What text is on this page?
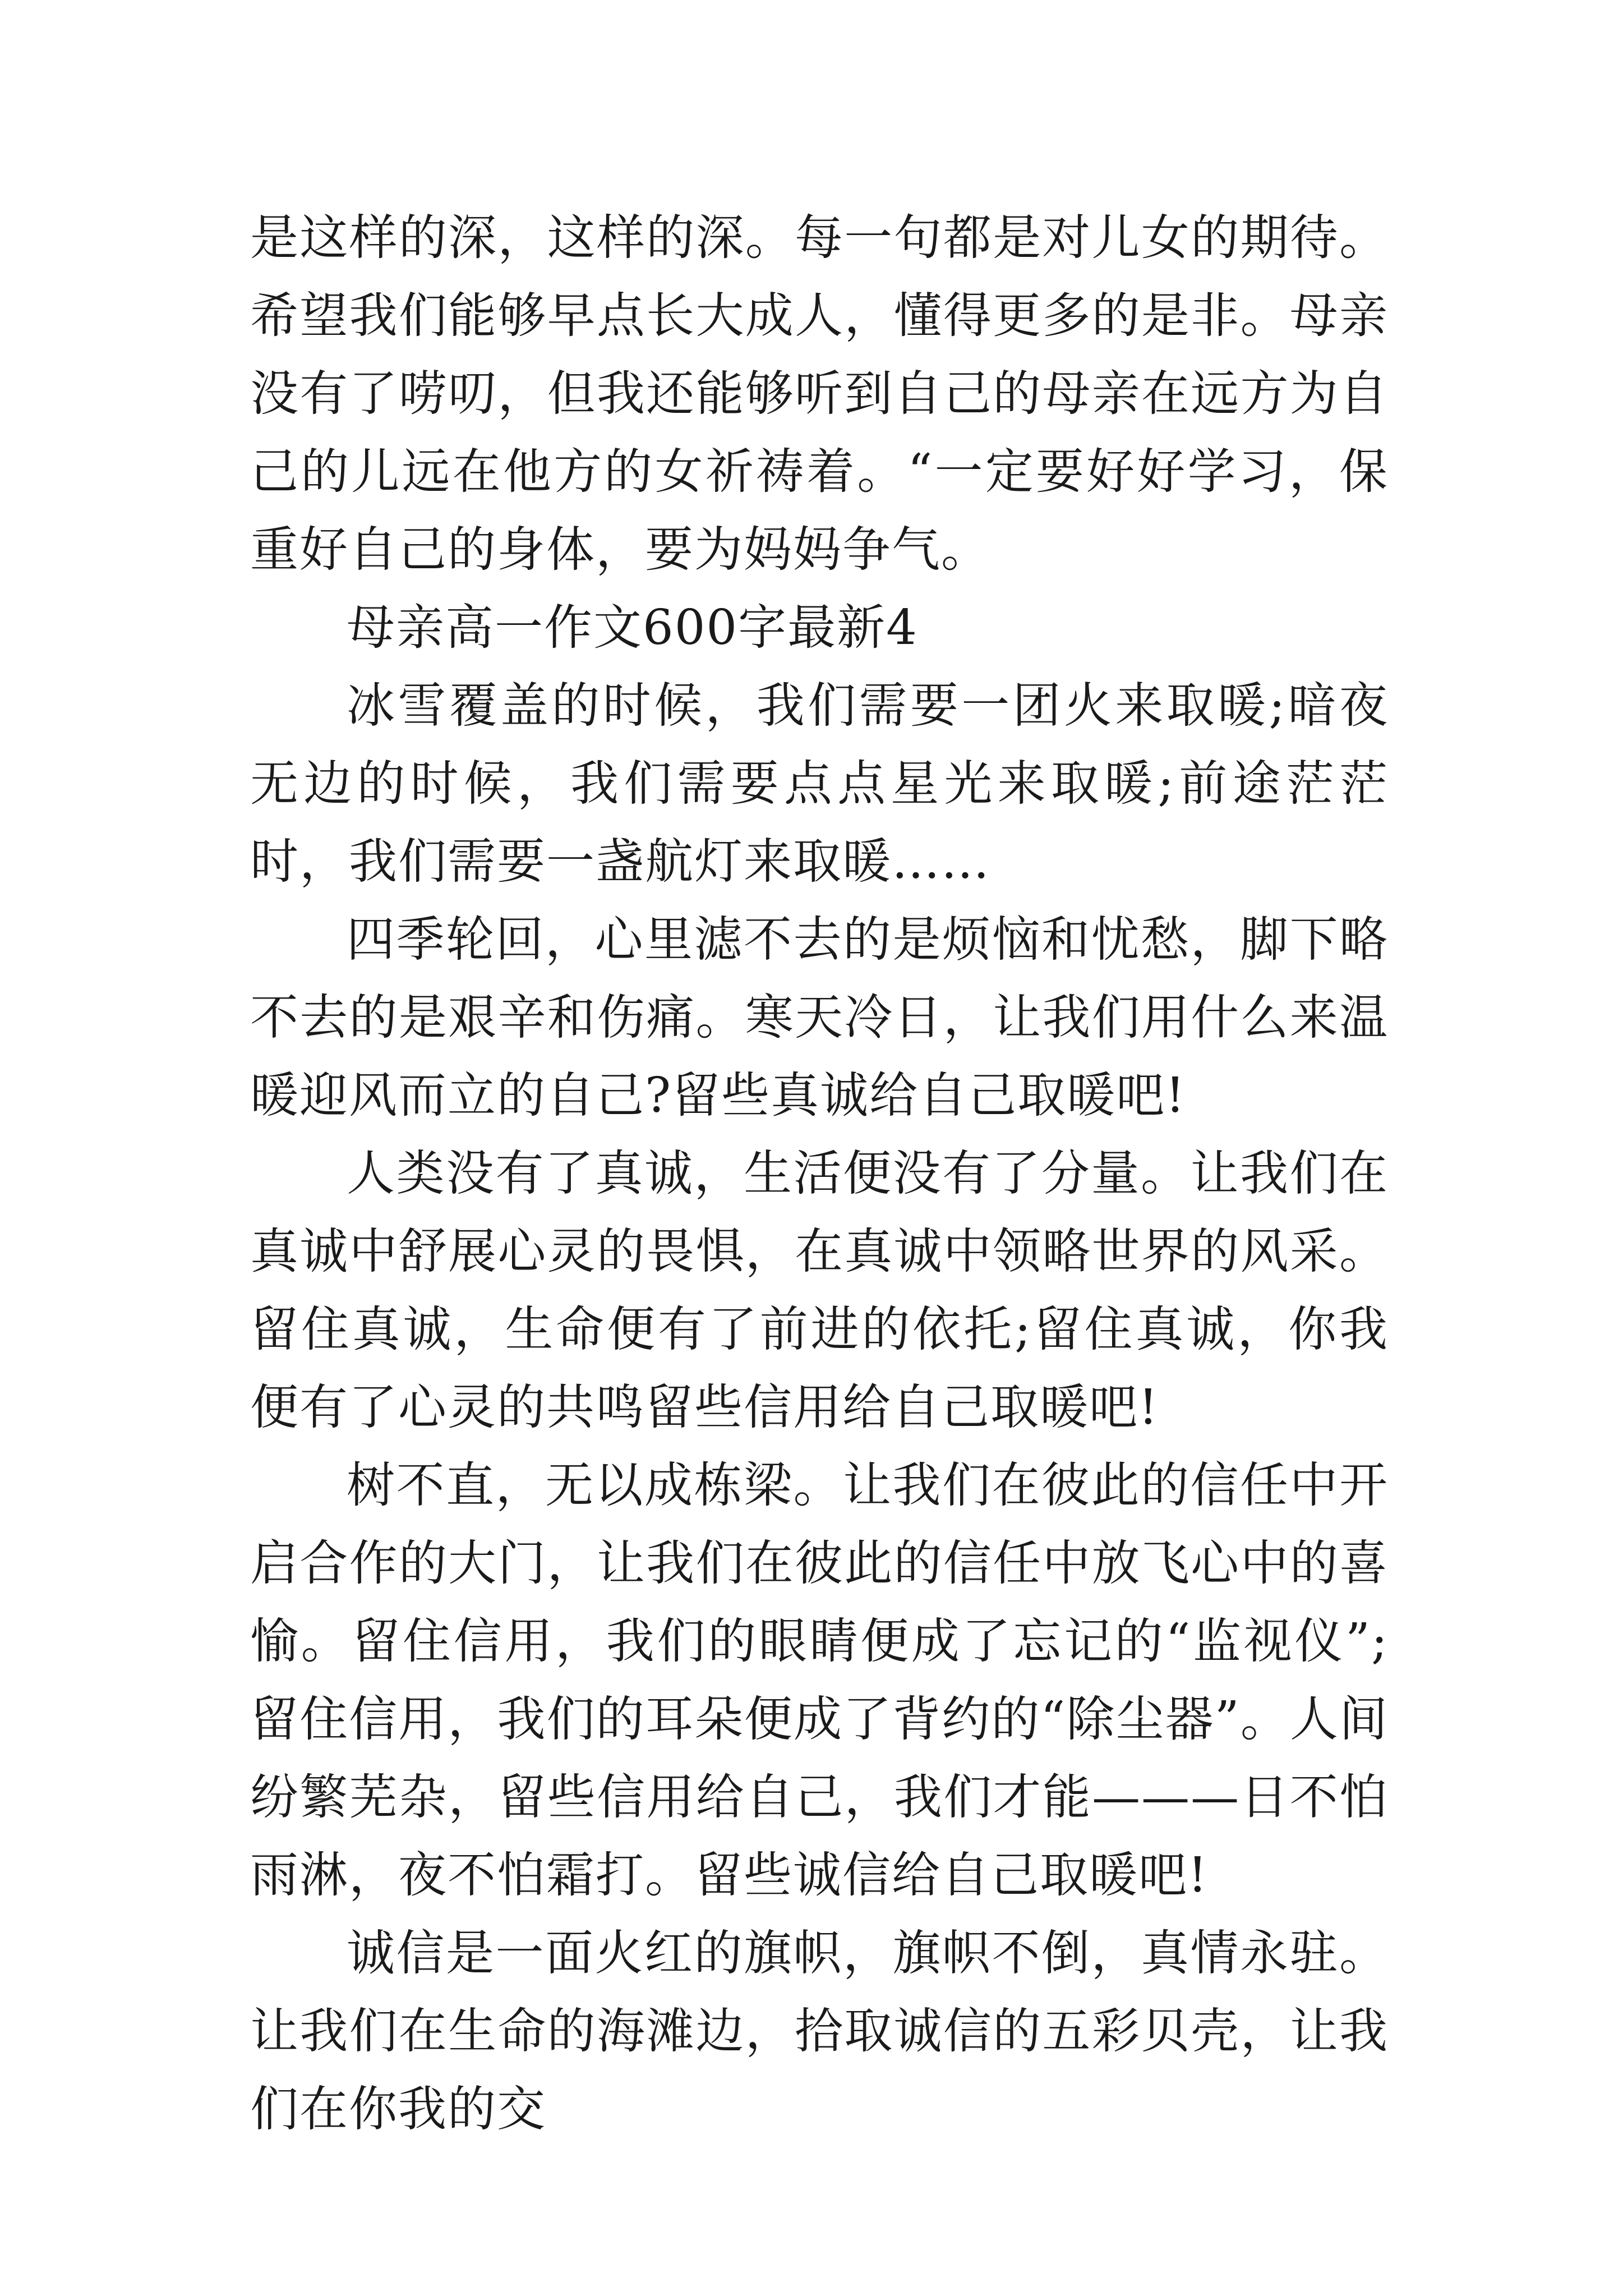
是这样的深，这样的深。每一句都是对儿女的期待。希望我们能够早点长大成人，懂得更多的是非。母亲没有了唠叨，但我还能够听到自己的母亲在远方为自己的儿远在他方的女祈祷着。“一定要好好学习，保重好自己的身体，要为妈妈争气。

母亲高一作文600字最新4

冰雪覆盖的时候，我们需要一团火来取暖;暗夜无边的时候，我们需要点点星光来取暖;前途茫茫时，我们需要一盏航灯来取暖……

四季轮回，心里滤不去的是烦恼和忧愁，脚下略不去的是艰辛和伤痛。寒天冷日，让我们用什么来温暖迎风而立的自己?留些真诚给自己取暖吧!

人类没有了真诚，生活便没有了分量。让我们在真诚中舒展心灵的畏惧，在真诚中领略世界的风采。留住真诚，生命便有了前进的依托;留住真诚，你我便有了心灵的共鸣留些信用给自己取暖吧!

树不直，无以成栋梁。让我们在彼此的信任中开启合作的大门，让我们在彼此的信任中放飞心中的喜愉。留住信用，我们的眼睛便成了忘记的“监视仪”;留住信用，我们的耳朵便成了背约的“除尘器”。人间纷繁芜杂，留些信用给自己，我们才能———日不怕雨淋，夜不怕霜打。留些诚信给自己取暖吧!

诚信是一面火红的旗帜，旗帜不倒，真情永驻。让我们在生命的海滩边，拾取诚信的五彩贝壳，让我们在你我的交
